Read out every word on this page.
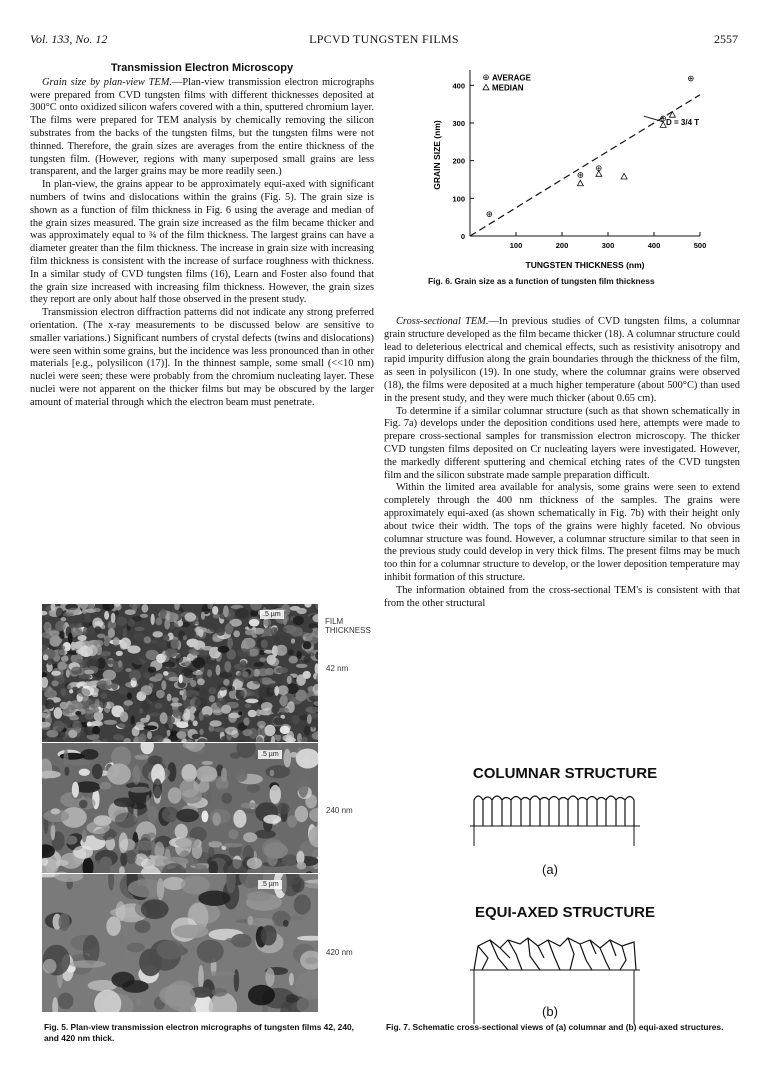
Vol. 133, No. 12	LPCVD TUNGSTEN FILMS	2557
Transmission Electron Microscopy

Grain size by plan-view TEM.—Plan-view transmission electron micrographs were prepared from CVD tungsten films with different thicknesses deposited at 300°C onto oxidized silicon wafers covered with a thin, sputtered chromium layer. The films were prepared for TEM analysis by chemically removing the silicon substrates from the backs of the tungsten films, but the tungsten films were not thinned. Therefore, the grain sizes are averages from the entire thickness of the tungsten film. (However, regions with many superposed small grains are less transparent, and the larger grains may be more readily seen.)

In plan-view, the grains appear to be approximately equi-axed with significant numbers of twins and dislocations within the grains (Fig. 5). The grain size is shown as a function of film thickness in Fig. 6 using the average and median of the grain sizes measured. The grain size increased as the film became thicker and was approximately equal to ¾ of the film thickness. The largest grains can have a diameter greater than the film thickness. The increase in grain size with increasing film thickness is consistent with the increase of surface roughness with thickness. In a similar study of CVD tungsten films (16), Learn and Foster also found that the grain size increased with increasing film thickness. However, the grain sizes they report are only about half those observed in the present study.

Transmission electron diffraction patterns did not indicate any strong preferred orientation. (The x-ray measurements to be discussed below are sensitive to smaller variations.) Significant numbers of crystal defects (twins and dislocations) were seen within some grains, but the incidence was less pronounced than in other materials [e.g., polysilicon (17)]. In the thinnest sample, some small (<<10 nm) nuclei were seen; these were probably from the chromium nucleating layer. These nuclei were not apparent on the thicker films but may be obscured by the larger amount of material through which the electron beam must penetrate.

.5 µm
.5 µm
.5 µm
FILM
THICKNESS
42 nm
240 nm
420 nm
Fig. 5. Plan-view transmission electron micrographs of tungsten films 42, 240, and 420 nm thick.
100	200	300	400	500
0
100
200
300
400
TUNGSTEN THICKNESS (nm)
GRAIN SIZE (nm)	D = 3/4 T
AVERAGE
MEDIAN
Fig. 6. Grain size as a function of tungsten film thickness

Cross-sectional TEM.—In previous studies of CVD tungsten films, a columnar grain structure developed as the film became thicker (18). A columnar structure could lead to deleterious electrical and chemical effects, such as resistivity anisotropy and rapid impurity diffusion along the grain boundaries through the thickness of the film, as seen in polysilicon (19). In one study, where the columnar grains were observed (18), the films were deposited at a much higher temperature (about 500°C) than used in the present study, and they were much thicker (about 0.65 cm).

To determine if a similar columnar structure (such as that shown schematically in Fig. 7a) develops under the deposition conditions used here, attempts were made to prepare cross-sectional samples for transmission electron microscopy. The thicker CVD tungsten films deposited on Cr nucleating layers were investigated. However, the markedly different sputtering and chemical etching rates of the CVD tungsten film and the silicon substrate made sample preparation difficult.

Within the limited area available for analysis, some grains were seen to extend completely through the 400 nm thickness of the samples. The grains were approximately equi-axed (as shown schematically in Fig. 7b) with their height only about twice their width. The tops of the grains were highly faceted. No obvious columnar structure was found. However, a columnar structure similar to that seen in the previous study could develop in very thick films. The present films may be much too thin for a columnar structure to develop, or the lower deposition temperature may inhibit formation of this structure.

The information obtained from the cross-sectional TEM's is consistent with that from the other structural

COLUMNAR STRUCTURE
(a)
EQUI-AXED STRUCTURE
(b)
Fig. 7. Schematic cross-sectional views of (a) columnar and (b) equi-axed structures.
